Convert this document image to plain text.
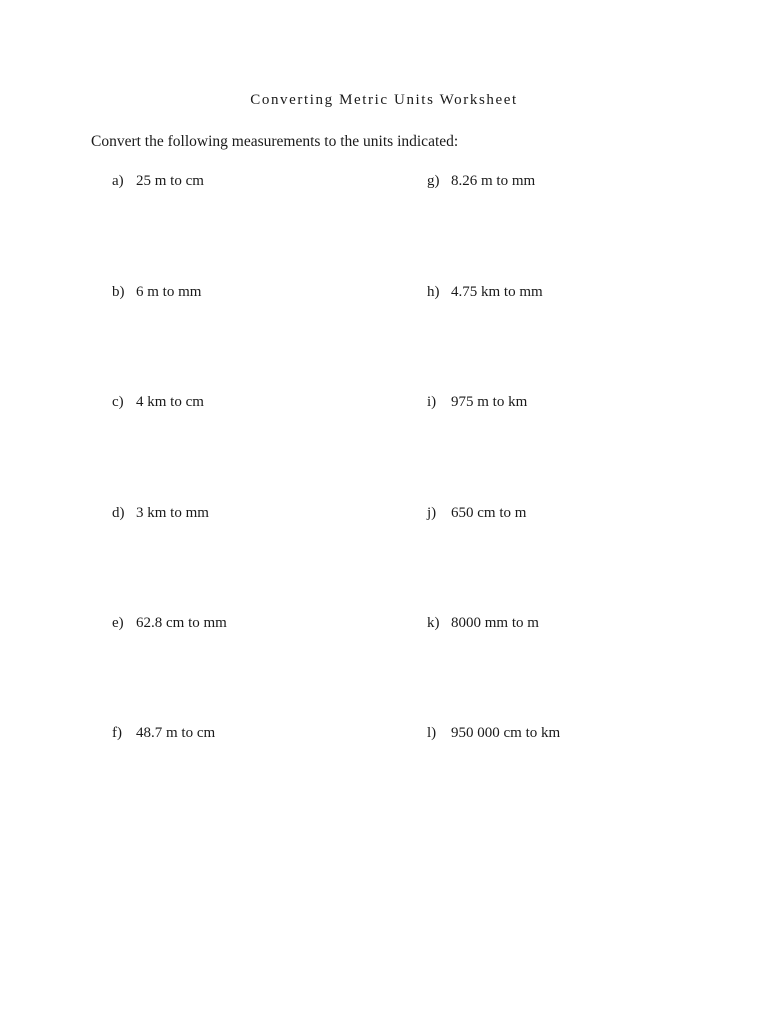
Converting Metric Units Worksheet

Convert the following measurements to the units indicated:

a) 25 m to cm
b) 6 m to mm
c) 4 km to cm
d) 3 km to mm
e) 62.8 cm to mm
f) 48.7 m to cm
g) 8.26 m to mm
h) 4.75 km to mm
i) 975 m to km
j) 650 cm to m
k) 8000 mm to m
l) 950 000 cm to km
